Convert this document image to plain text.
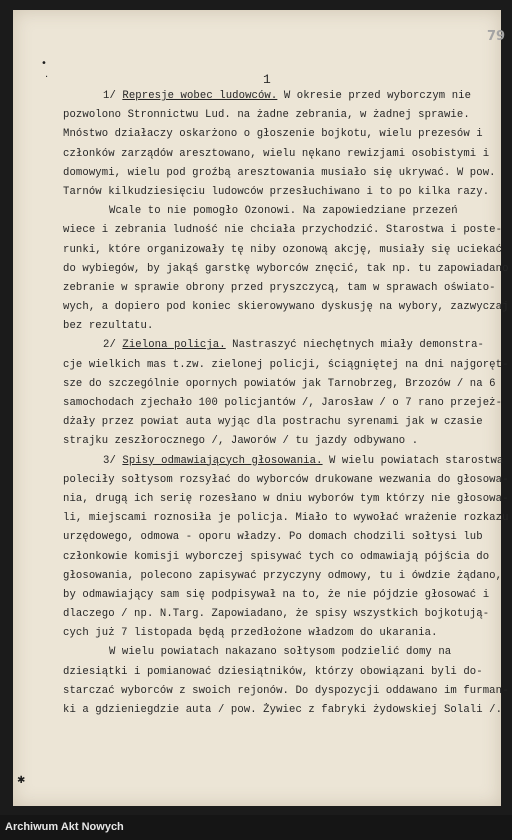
79
•
·
✱
1
1/ Represje wobec ludowców. W okresie przed wyborczym nie
pozwolono Stronnictwu Lud. na żadne zebrania, w żadnej sprawie.
Mnóstwo działaczy oskarżono o głoszenie bojkotu, wielu prezesów i
członków zarządów aresztowano, wielu nękano rewizjami osobistymi i
domowymi, wielu pod groźbą aresztowania musiało się ukrywać. W pow.
Tarnów kilkudziesięciu ludowców przesłuchiwano i to po kilka razy.
Wcale to nie pomogło Ozonowi. Na zapowiedziane przezeń
wiece i zebrania ludność nie chciała przychodzić. Starostwa i poste-
runki, które organizowały tę niby ozonową akcję, musiały się uciekać
do wybiegów, by jakąś garstkę wyborców znęcić, tak np. tu zapowiadano
zebranie w sprawie obrony przed pryszczycą, tam w sprawach oświato-
wych, a dopiero pod koniec skierowywano dyskusję na wybory, zazwyczaj
bez rezultatu.
2/ Zielona policja. Nastraszyć niechętnych miały demonstra-
cje wielkich mas t.zw. zielonej policji, ściągniętej na dni najgoręt-
sze do szczególnie opornych powiatów jak Tarnobrzeg, Brzozów / na 6
samochodach zjechało 100 policjantów /, Jarosław / o 7 rano przejeż-
dżały przez powiat auta wyjąc dla postrachu syrenami jak w czasie
strajku zeszłorocznego /, Jaworów / tu jazdy odbywano .
3/ Spisy odmawiających głosowania. W wielu powiatach starostwa
poleciły sołtysom rozsyłać do wyborców drukowane wezwania do głosowa-
nia, drugą ich serię rozesłano w dniu wyborów tym którzy nie głosowa-
li, miejscami roznosiła je policja. Miało to wywołać wrażenie rozkazu
urzędowego, odmowa - oporu władzy. Po domach chodzili sołtysi lub
członkowie komisji wyborczej spisywać tych co odmawiają pójścia do
głosowania, polecono zapisywać przyczyny odmowy, tu i ówdzie żądano,
by odmawiający sam się podpisywał na to, że nie pójdzie głosować i
dlaczego / np. N.Targ. Zapowiadano, że spisy wszystkich bojkotują-
cych już 7 listopada będą przedłożone władzom do ukarania.
W wielu powiatach nakazano sołtysom podzielić domy na
dziesiątki i pomianować dziesiątników, którzy obowiązani byli do-
starczać wyborców z swoich rejonów. Do dyspozycji oddawano im furman-
ki a gdzieniegdzie auta / pow. Żywiec z fabryki żydowskiej Solali /.
Archiwum Akt Nowych
